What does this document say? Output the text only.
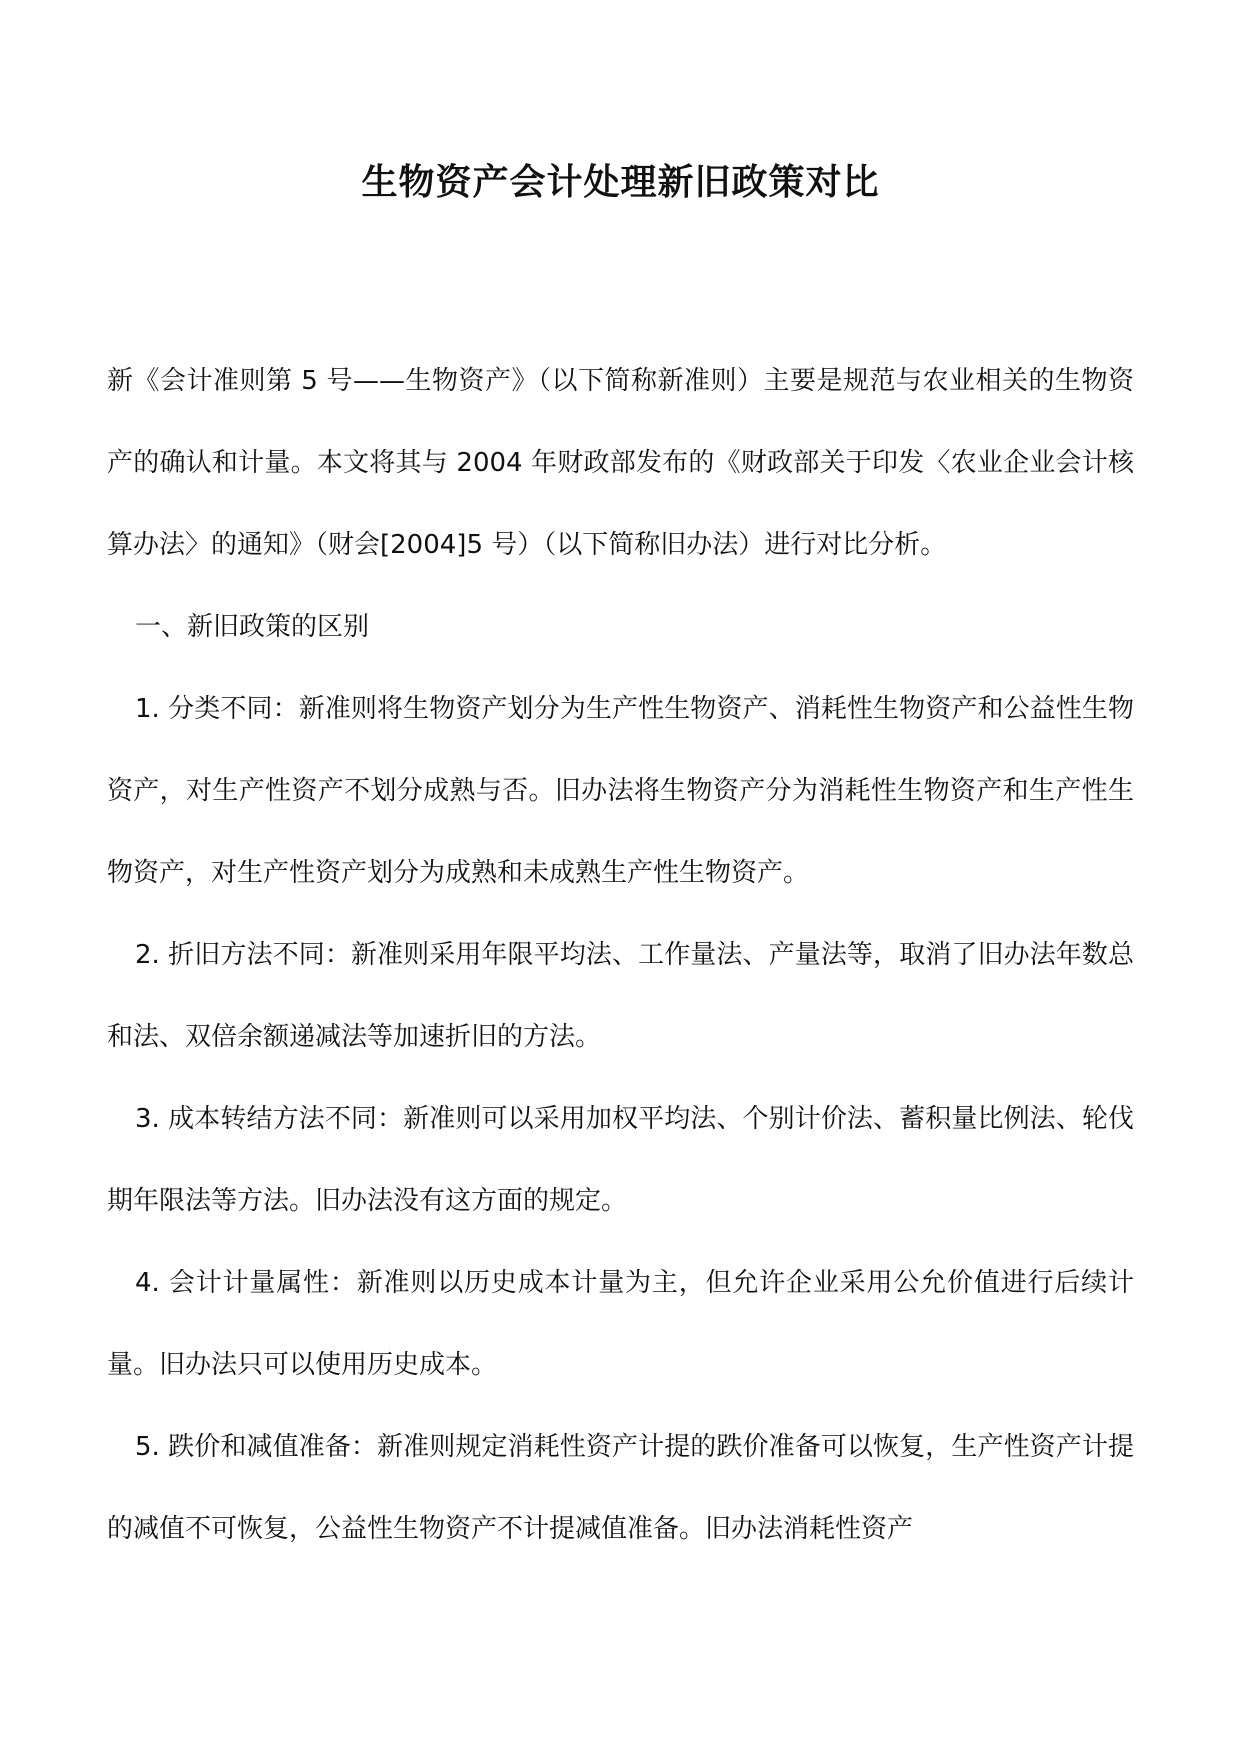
生物资产会计处理新旧政策对比

新《会计准则第 5 号——生物资产》（以下简称新准则）主要是规范与农业相关的生物资产的确认和计量。本文将其与 2004 年财政部发布的《财政部关于印发〈农业企业会计核算办法〉的通知》（财会[2004]5 号）（以下简称旧办法）进行对比分析。

一、新旧政策的区别

1. 分类不同：新准则将生物资产划分为生产性生物资产、消耗性生物资产和公益性生物资产，对生产性资产不划分成熟与否。旧办法将生物资产分为消耗性生物资产和生产性生物资产，对生产性资产划分为成熟和未成熟生产性生物资产。

2. 折旧方法不同：新准则采用年限平均法、工作量法、产量法等，取消了旧办法年数总和法、双倍余额递减法等加速折旧的方法。

3. 成本转结方法不同：新准则可以采用加权平均法、个别计价法、蓄积量比例法、轮伐期年限法等方法。旧办法没有这方面的规定。

4. 会计计量属性：新准则以历史成本计量为主，但允许企业采用公允价值进行后续计量。旧办法只可以使用历史成本。

5. 跌价和减值准备：新准则规定消耗性资产计提的跌价准备可以恢复，生产性资产计提的减值不可恢复，公益性生物资产不计提减值准备。旧办法消耗性资产
